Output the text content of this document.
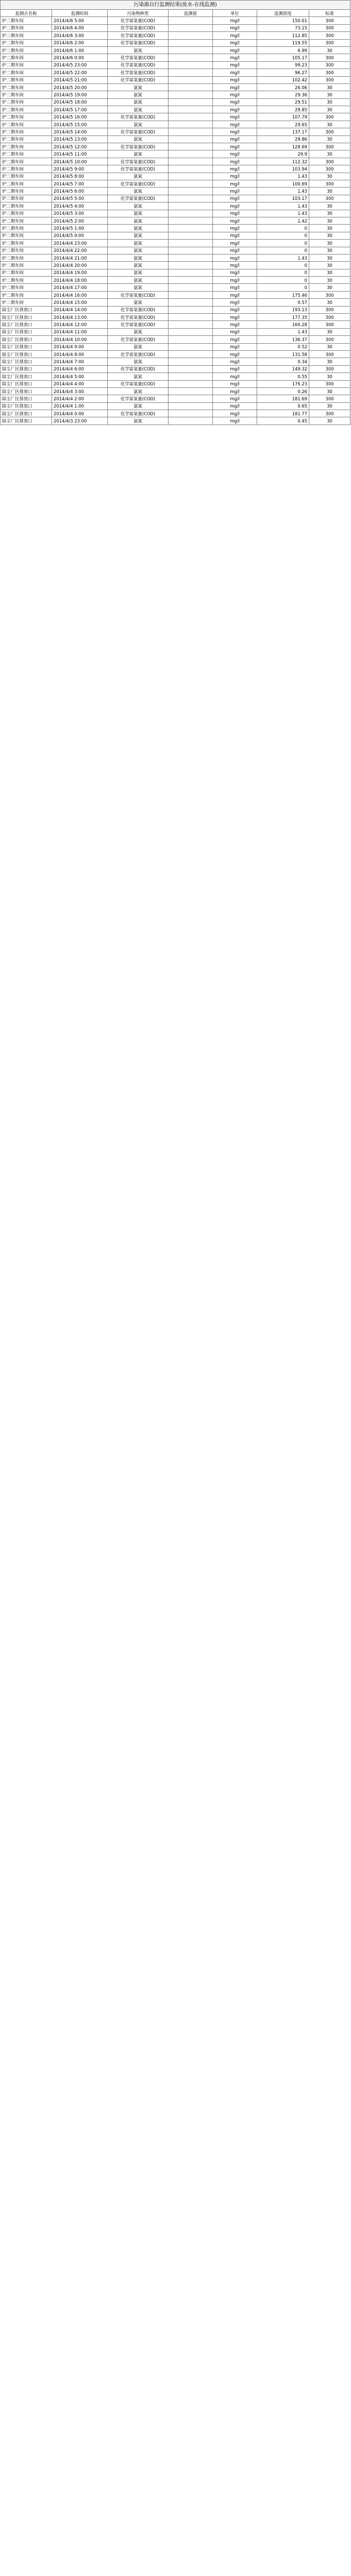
污染源自行监测结果(废水-在线监测)						
监测点名称	监测时间	污染物种类	监测值	单位	监测浓度	标准
炉二期车间	2014/4/6 5:00	化学需氧量(COD)		mg/l	150.01	300
炉二期车间	2014/4/6 4:00	化学需氧量(COD)		mg/l	73.15	300
炉二期车间	2014/4/6 3:00	化学需氧量(COD)		mg/l	112.85	300
炉二期车间	2014/4/6 2:00	化学需氧量(COD)		mg/l	119.55	300
炉二期车间	2014/4/6 1:00	氨氮		mg/l	6.99	30
炉二期车间	2014/4/6 0:00	化学需氧量(COD)		mg/l	105.17	300
炉二期车间	2014/4/5 23:00	化学需氧量(COD)		mg/l	99.23	300
炉二期车间	2014/4/5 22:00	化学需氧量(COD)		mg/l	96.27	300
炉二期车间	2014/4/5 21:00	化学需氧量(COD)		mg/l	102.42	300
炉二期车间	2014/4/5 20:00	氨氮		mg/l	26.06	30
炉二期车间	2014/4/5 19:00	氨氮		mg/l	29.36	30
炉二期车间	2014/4/5 18:00	氨氮		mg/l	29.51	30
炉二期车间	2014/4/5 17:00	氨氮		mg/l	29.85	30
炉二期车间	2014/4/5 16:00	化学需氧量(COD)		mg/l	107.79	300
炉二期车间	2014/4/5 15:00	氨氮		mg/l	29.65	30
炉二期车间	2014/4/5 14:00	化学需氧量(COD)		mg/l	137.17	300
炉二期车间	2014/4/5 13:00	氨氮		mg/l	29.86	30
炉二期车间	2014/4/5 12:00	化学需氧量(COD)		mg/l	128.69	300
炉二期车间	2014/4/5 11:00	氨氮		mg/l	29.9	30
炉二期车间	2014/4/5 10:00	化学需氧量(COD)		mg/l	112.32	300
炉二期车间	2014/4/5 9:00	化学需氧量(COD)		mg/l	103.94	300
炉二期车间	2014/4/5 8:00	氨氮		mg/l	1.43	30
炉二期车间	2014/4/5 7:00	化学需氧量(COD)		mg/l	100.69	300
炉二期车间	2014/4/5 6:00	氨氮		mg/l	1.43	30
炉二期车间	2014/4/5 5:00	化学需氧量(COD)		mg/l	103.17	300
炉二期车间	2014/4/5 4:00	氨氮		mg/l	1.43	30
炉二期车间	2014/4/5 3:00	氨氮		mg/l	1.43	30
炉二期车间	2014/4/5 2:00	氨氮		mg/l	1.42	30
炉二期车间	2014/4/5 1:00	氨氮		mg/l	0	30
炉二期车间	2014/4/5 0:00	氨氮		mg/l	0	30
炉二期车间	2014/4/4 23:00	氨氮		mg/l	0	30
炉二期车间	2014/4/4 22:00	氨氮		mg/l	0	30
炉二期车间	2014/4/4 21:00	氨氮		mg/l	1.43	30
炉二期车间	2014/4/4 20:00	氨氮		mg/l	0	30
炉二期车间	2014/4/4 19:00	氨氮		mg/l	0	30
炉二期车间	2014/4/4 18:00	氨氮		mg/l	0	30
炉二期车间	2014/4/4 17:00	氨氮		mg/l	0	30
炉二期车间	2014/4/4 16:00	化学需氧量(COD)		mg/l	175.46	300
炉二期车间	2014/4/4 15:00	氨氮		mg/l	0.57	30
除尘厂区排放口	2014/4/4 14:00	化学需氧量(COD)		mg/l	193.13	300
除尘厂区排放口	2014/4/4 13:00	化学需氧量(COD)		mg/l	177.35	300
除尘厂区排放口	2014/4/4 12:00	化学需氧量(COD)		mg/l	160.28	300
除尘厂区排放口	2014/4/4 11:00	氨氮		mg/l	1.43	30
除尘厂区排放口	2014/4/4 10:00	化学需氧量(COD)		mg/l	136.37	300
除尘厂区排放口	2014/4/4 9:00	氨氮		mg/l	0.52	30
除尘厂区排放口	2014/4/4 8:00	化学需氧量(COD)		mg/l	131.58	300
除尘厂区排放口	2014/4/4 7:00	氨氮		mg/l	0.34	30
除尘厂区排放口	2014/4/4 6:00	化学需氧量(COD)		mg/l	149.32	300
除尘厂区排放口	2014/4/4 5:00	氨氮		mg/l	0.55	30
除尘厂区排放口	2014/4/4 4:00	化学需氧量(COD)		mg/l	176.23	300
除尘厂区排放口	2014/4/4 3:00	氨氮		mg/l	0.26	30
除尘厂区排放口	2014/4/4 2:00	化学需氧量(COD)		mg/l	181.69	300
除尘厂区排放口	2014/4/4 1:00	氨氮		mg/l	0.65	30
除尘厂区排放口	2014/4/4 0:00	化学需氧量(COD)		mg/l	181.77	300
除尘厂区排放口	2014/4/3 23:00	氨氮		mg/l	0.45	30
